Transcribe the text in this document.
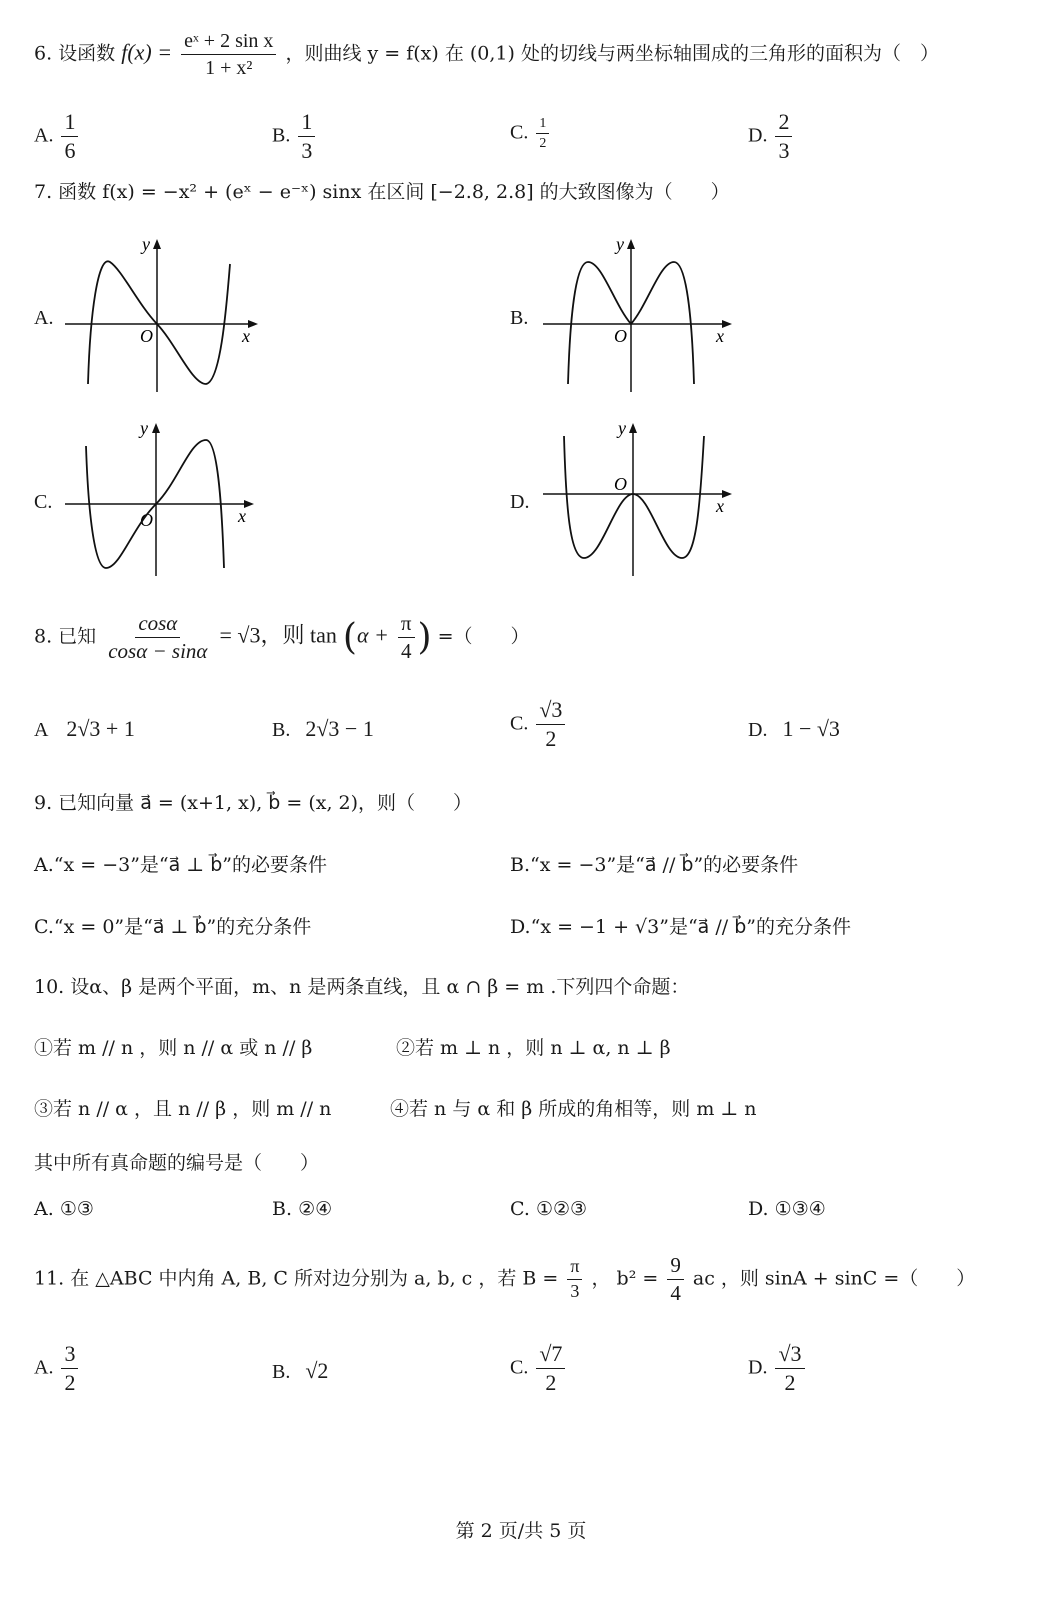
6. 设函数 $f(x) = \frac{\text{eˣ + 2 sin x}}{\text{1 + x²}}$ ，则曲线 y = f(x) 在 (0,1) 处的切线与两坐标轴围成的三角形的面积为（　）
A. $\frac{1}{6}$	B. $\frac{1}{3}$	C. $\frac{1}{2}$	D. $\frac{2}{3}$
7. 函数 f(x) = −x² + (eˣ − e⁻ˣ) sinx 在区间 [−2.8, 2.8] 的大致图像为（　　）
A.
y
x
O
B.
y
x
O
C.
y
x
O
D.
y
x
O
8. 已知 $\frac{\cos\alpha}{\cos\alpha - \sin\alpha} = √3$，则 $\tan (\alpha + \frac{\pi}{4}$ ) =（　　）
A 2√3 + 1	B. 2√3 − 1	C. $\frac{√3}{2}$	D. 1 − √3
9. 已知向量 a⃗ = (x+1, x), b⃗ = (x, 2)，则（　　）
A.“x = −3”是“a⃗ ⊥ b⃗”的必要条件	B.“x = −3”是“a⃗ // b⃗”的必要条件
C.“x = 0”是“a⃗ ⊥ b⃗”的充分条件	D.“x = −1 + √3”是“a⃗ // b⃗”的充分条件
10. 设α、β 是两个平面，m、n 是两条直线，且 α ∩ β = m .下列四个命题：
①若 m // n ，则 n // α 或 n // β	②若 m ⊥ n ，则 n ⊥ α, n ⊥ β
③若 n // α ，且 n // β ，则 m // n	④若 n 与 α 和 β 所成的角相等，则 m ⊥ n
其中所有真命题的编号是（　　）
A. ①③	B. ②④	C. ①②③	D. ①③④
11. 在 △ABC 中内角 A, B, C 所对边分别为 a, b, c ，若 $B = \frac{\pi}{3}$ ， $b^2 = \frac{9}{4}$ ac ，则 sinA + sinC =（　　）
A. $\frac{3}{2}$	B. √2	C. $\frac{√7}{2}$	D. $\frac{√3}{2}$
第 2 页/共 5 页
